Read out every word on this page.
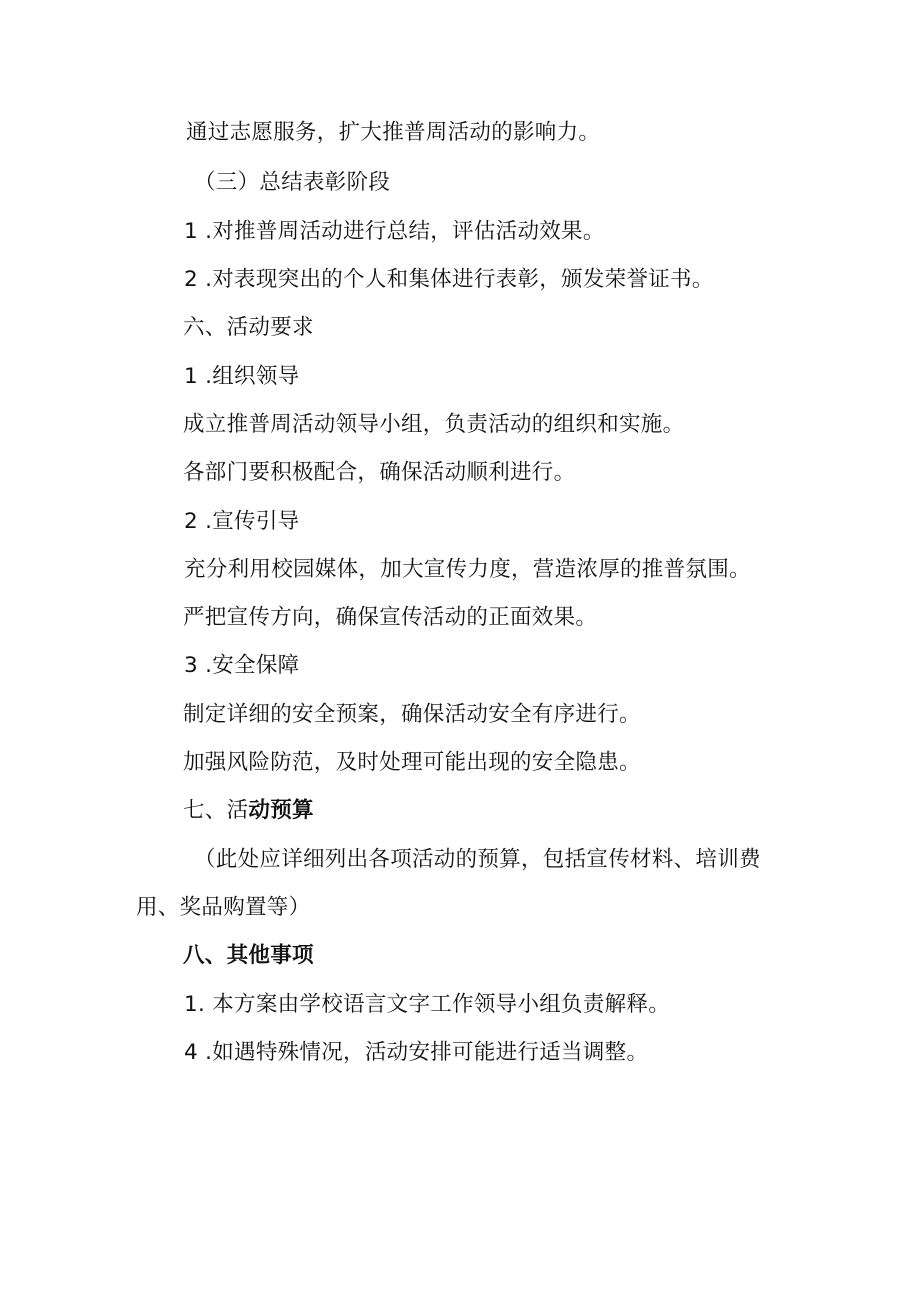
通过志愿服务，扩大推普周活动的影响力。
（三）总结表彰阶段
1 .对推普周活动进行总结，评估活动效果。
2 .对表现突出的个人和集体进行表彰，颁发荣誉证书。
六、活动要求
1 .组织领导
成立推普周活动领导小组，负责活动的组织和实施。
各部门要积极配合，确保活动顺利进行。
2 .宣传引导
充分利用校园媒体，加大宣传力度，营造浓厚的推普氛围。
严把宣传方向，确保宣传活动的正面效果。
3 .安全保障
制定详细的安全预案，确保活动安全有序进行。
加强风险防范，及时处理可能出现的安全隐患。
七、活动预算
（此处应详细列出各项活动的预算，包括宣传材料、培训费
用、奖品购置等）
八、其他事项
1. 本方案由学校语言文字工作领导小组负责解释。
4 .如遇特殊情况，活动安排可能进行适当调整。
